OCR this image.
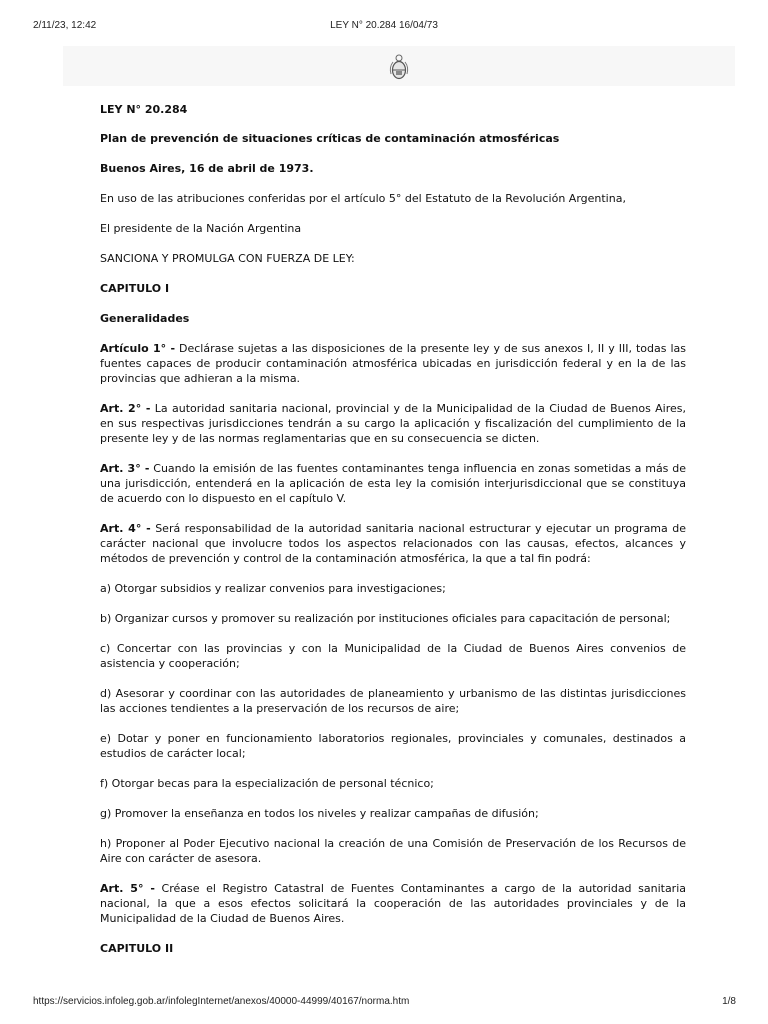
2/11/23, 12:42	LEY N° 20.284 16/04/73

LEY N° 20.284

Plan de prevención de situaciones críticas de contaminación atmosféricas

Buenos Aires, 16 de abril de 1973.

En uso de las atribuciones conferidas por el artículo 5° del Estatuto de la Revolución Argentina,

El presidente de la Nación Argentina

SANCIONA Y PROMULGA CON FUERZA DE LEY:

CAPITULO I

Generalidades

Artículo 1° - Declárase sujetas a las disposiciones de la presente ley y de sus anexos I, II y III, todas las fuentes capaces de producir contaminación atmosférica ubicadas en jurisdicción federal y en la de las provincias que adhieran a la misma.

Art. 2° - La autoridad sanitaria nacional, provincial y de la Municipalidad de la Ciudad de Buenos Aires, en sus respectivas jurisdicciones tendrán a su cargo la aplicación y fiscalización del cumplimiento de la presente ley y de las normas reglamentarias que en su consecuencia se dicten.

Art. 3° - Cuando la emisión de las fuentes contaminantes tenga influencia en zonas sometidas a más de una jurisdicción, entenderá en la aplicación de esta ley la comisión interjurisdiccional que se constituya de acuerdo con lo dispuesto en el capítulo V.

Art. 4° - Será responsabilidad de la autoridad sanitaria nacional estructurar y ejecutar un programa de carácter nacional que involucre todos los aspectos relacionados con las causas, efectos, alcances y métodos de prevención y control de la contaminación atmosférica, la que a tal fin podrá:

a) Otorgar subsidios y realizar convenios para investigaciones;

b) Organizar cursos y promover su realización por instituciones oficiales para capacitación de personal;

c) Concertar con las provincias y con la Municipalidad de la Ciudad de Buenos Aires convenios de asistencia y cooperación;

d) Asesorar y coordinar con las autoridades de planeamiento y urbanismo de las distintas jurisdicciones las acciones tendientes a la preservación de los recursos de aire;

e) Dotar y poner en funcionamiento laboratorios regionales, provinciales y comunales, destinados a estudios de carácter local;

f) Otorgar becas para la especialización de personal técnico;

g) Promover la enseñanza en todos los niveles y realizar campañas de difusión;

h) Proponer al Poder Ejecutivo nacional la creación de una Comisión de Preservación de los Recursos de Aire con carácter de asesora.

Art. 5° - Créase el Registro Catastral de Fuentes Contaminantes a cargo de la autoridad sanitaria nacional, la que a esos efectos solicitará la cooperación de las autoridades provinciales y de la Municipalidad de la Ciudad de Buenos Aires.

CAPITULO II

https://servicios.infoleg.gob.ar/infolegInternet/anexos/40000-44999/40167/norma.htm	1/8
